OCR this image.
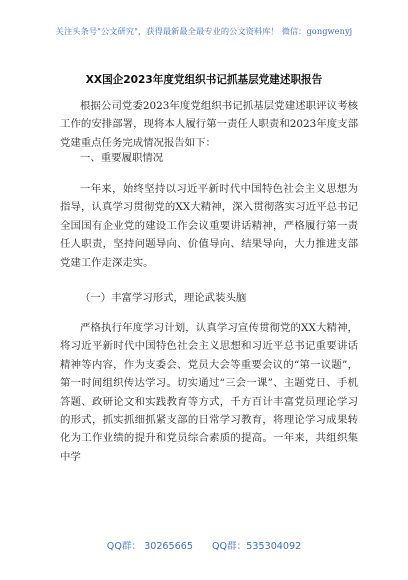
关注头条号"公文研究"，获得最新最全最专业的公文资料库！ 微信：gongwenyj
XX国企2023年度党组织书记抓基层党建述职报告

根据公司党委2023年度党组织书记抓基层党建述职评议考核工作的安排部署，现将本人履行第一责任人职责和2023年度支部党建重点任务完成情况报告如下：

一、重要履职情况

一年来，始终坚持以习近平新时代中国特色社会主义思想为指导，认真学习贯彻党的XX大精神，深入贯彻落实习近平总书记全国国有企业党的建设工作会议重要讲话精神，严格履行第一责任人职责，坚持问题导向、价值导向、结果导向，大力推进支部党建工作走深走实。

（一）丰富学习形式，理论武装头脑

严格执行年度学习计划，认真学习宣传贯彻党的XX大精神，将习近平新时代中国特色社会主义思想和习近平总书记重要讲话精神等内容，作为支委会、党员大会等重要会议的“第一议题”，第一时间组织传达学习。切实通过“三会一课”、主题党日、手机答题、政研论文和实践教育等方式，千方百计丰富党员理论学习的形式，抓实抓细抓紧支部的日常学习教育，将理论学习成果转化为工作业绩的提升和党员综合素质的提高。一年来，共组织集中学

QQ群： 30265665 QQ群：535304092
